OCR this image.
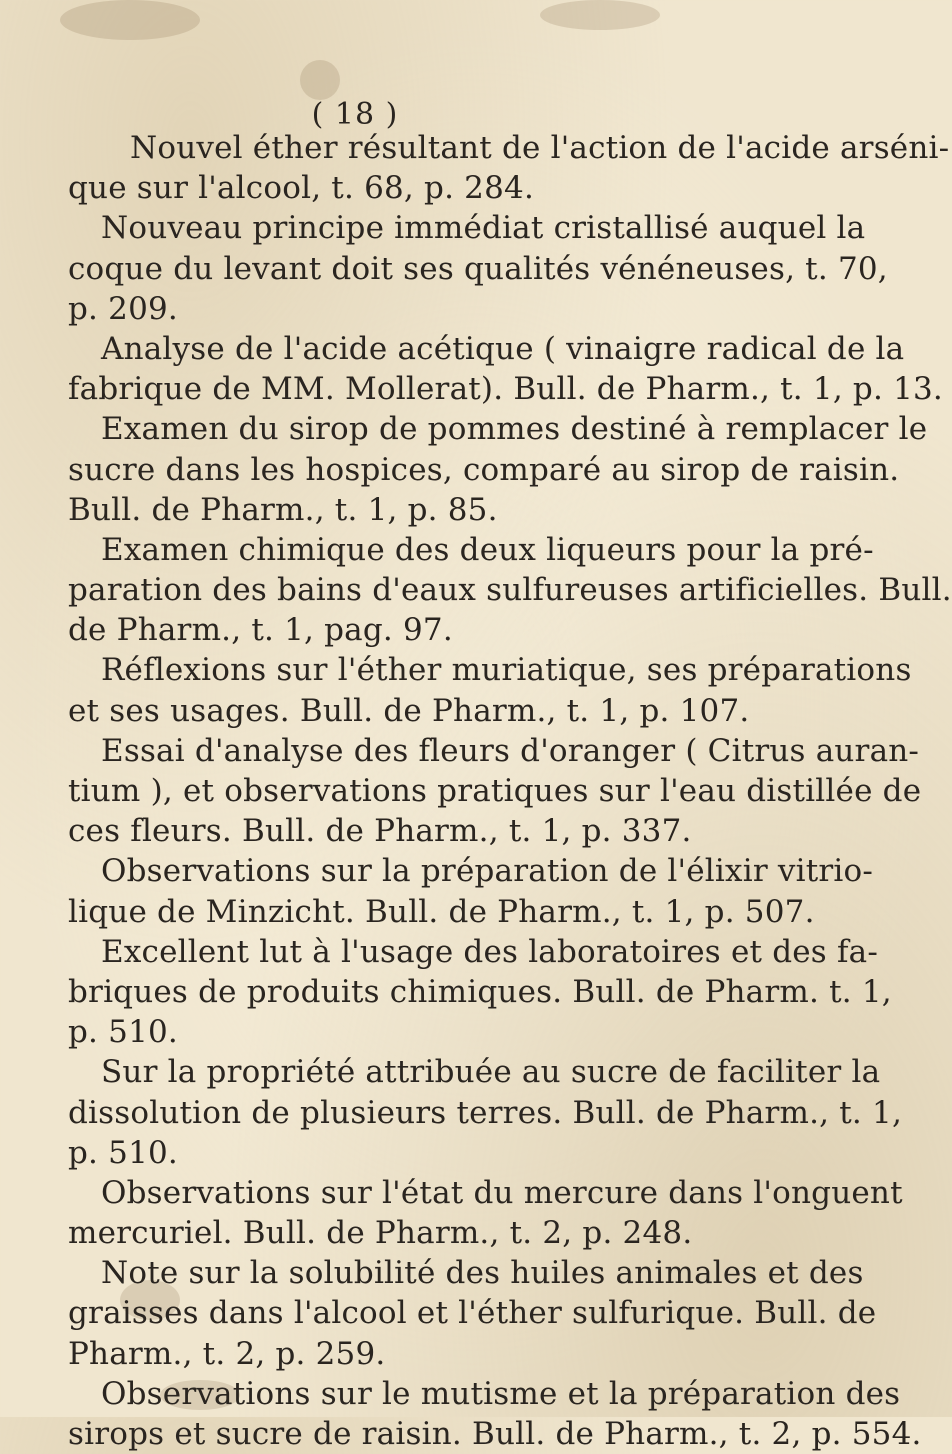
( 18 )
Nouvel éther résultant de l'action de l'acide arséni-
que sur l'alcool, t. 68, p. 284.
Nouveau principe immédiat cristallisé auquel la
coque du levant doit ses qualités vénéneuses, t. 70,
p. 209.
Analyse de l'acide acétique ( vinaigre radical de la
fabrique de MM. Mollerat). Bull. de Pharm., t. 1, p. 13.
Examen du sirop de pommes destiné à remplacer le
sucre dans les hospices, comparé au sirop de raisin.
Bull. de Pharm., t. 1, p. 85.
Examen chimique des deux liqueurs pour la pré-
paration des bains d'eaux sulfureuses artificielles. Bull.
de Pharm., t. 1, pag. 97.
Réflexions sur l'éther muriatique, ses préparations
et ses usages. Bull. de Pharm., t. 1, p. 107.
Essai d'analyse des fleurs d'oranger ( Citrus auran-
tium ), et observations pratiques sur l'eau distillée de
ces fleurs. Bull. de Pharm., t. 1, p. 337.
Observations sur la préparation de l'élixir vitrio-
lique de Minzicht. Bull. de Pharm., t. 1, p. 507.
Excellent lut à l'usage des laboratoires et des fa-
briques de produits chimiques. Bull. de Pharm. t. 1,
p. 510.
Sur la propriété attribuée au sucre de faciliter la
dissolution de plusieurs terres. Bull. de Pharm., t. 1,
p. 510.
Observations sur l'état du mercure dans l'onguent
mercuriel. Bull. de Pharm., t. 2, p. 248.
Note sur la solubilité des huiles animales et des
graisses dans l'alcool et l'éther sulfurique. Bull. de
Pharm., t. 2, p. 259.
Observations sur le mutisme et la préparation des
sirops et sucre de raisin. Bull. de Pharm., t. 2, p. 554.
